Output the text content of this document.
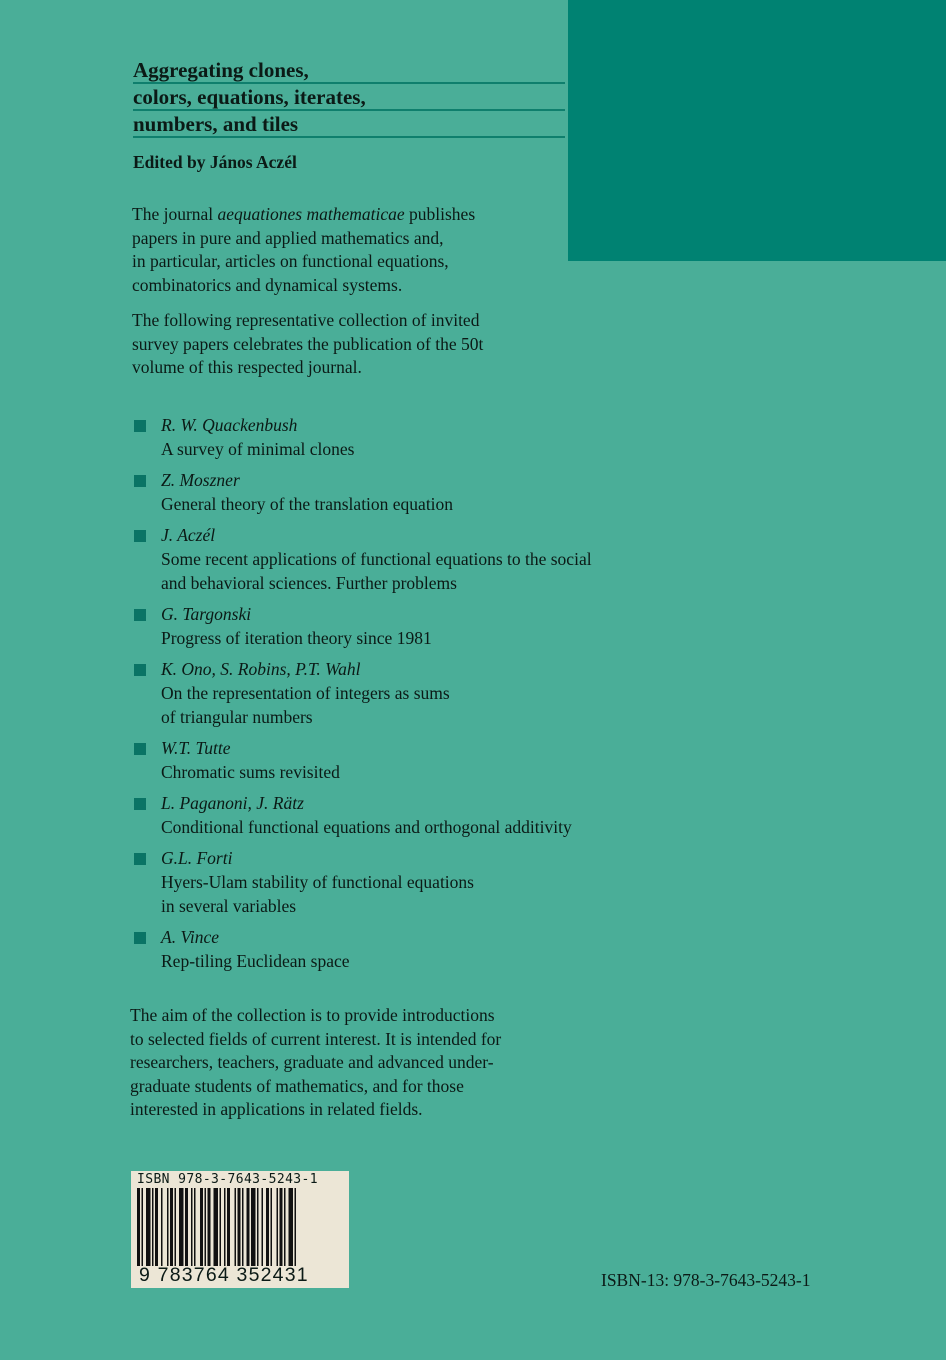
Aggregating clones,
colors, equations, iterates,
numbers, and tiles
Edited by János Aczél
The journal aequationes mathematicae publishes
papers in pure and applied mathematics and,
in particular, articles on functional equations,
combinatorics and dynamical systems.
The following representative collection of invited
survey papers celebrates the publication of the 50t
volume of this respected journal.
R. W. Quackenbush
A survey of minimal clones
Z. Moszner
General theory of the translation equation
J. Aczél
Some recent applications of functional equations to the social
and behavioral sciences. Further problems
G. Targonski
Progress of iteration theory since 1981
K. Ono, S. Robins, P.T. Wahl
On the representation of integers as sums
of triangular numbers
W.T. Tutte
Chromatic sums revisited
L. Paganoni, J. Rätz
Conditional functional equations and orthogonal additivity
G.L. Forti
Hyers-Ulam stability of functional equations
in several variables
A. Vince
Rep-tiling Euclidean space
The aim of the collection is to provide introductions
to selected fields of current interest. It is intended for
researchers, teachers, graduate and advanced under-
graduate students of mathematics, and for those
interested in applications in related fields.
ISBN 978-3-7643-5243-1
9 783764 352431	ISBN-13: 978-3-7643-5243-1
